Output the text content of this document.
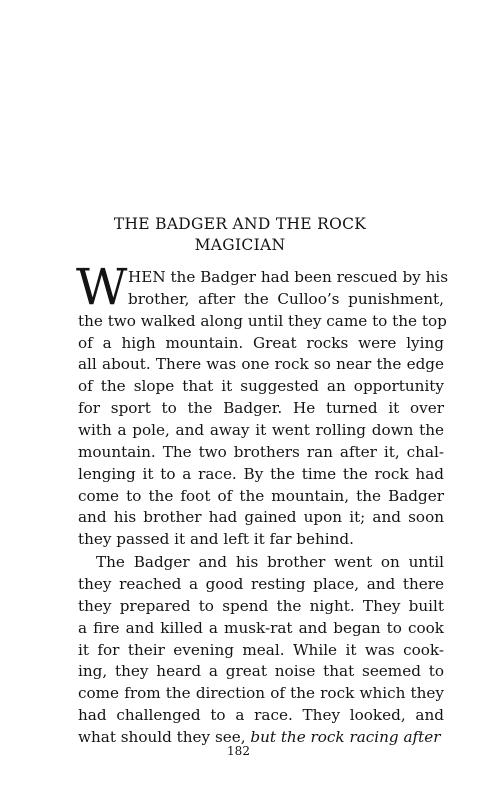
THE BADGER AND THE ROCK
MAGICIAN
W HEN the Badger had been rescued by his
brother, after the Culloo’s punishment,
the two walked along until they came to the top
of a high mountain. Great rocks were lying
all about. There was one rock so near the edge
of the slope that it suggested an opportunity
for sport to the Badger. He turned it over
with a pole, and away it went rolling down the
mountain. The two brothers ran after it, chal-
lenging it to a race. By the time the rock had
come to the foot of the mountain, the Badger
and his brother had gained upon it; and soon
they passed it and left it far behind.
The Badger and his brother went on until
they reached a good resting place, and there
they prepared to spend the night. They built
a fire and killed a musk-rat and began to cook
it for their evening meal. While it was cook-
ing, they heard a great noise that seemed to
come from the direction of the rock which they
had challenged to a race. They looked, and
what should they see, but the rock racing after
182
